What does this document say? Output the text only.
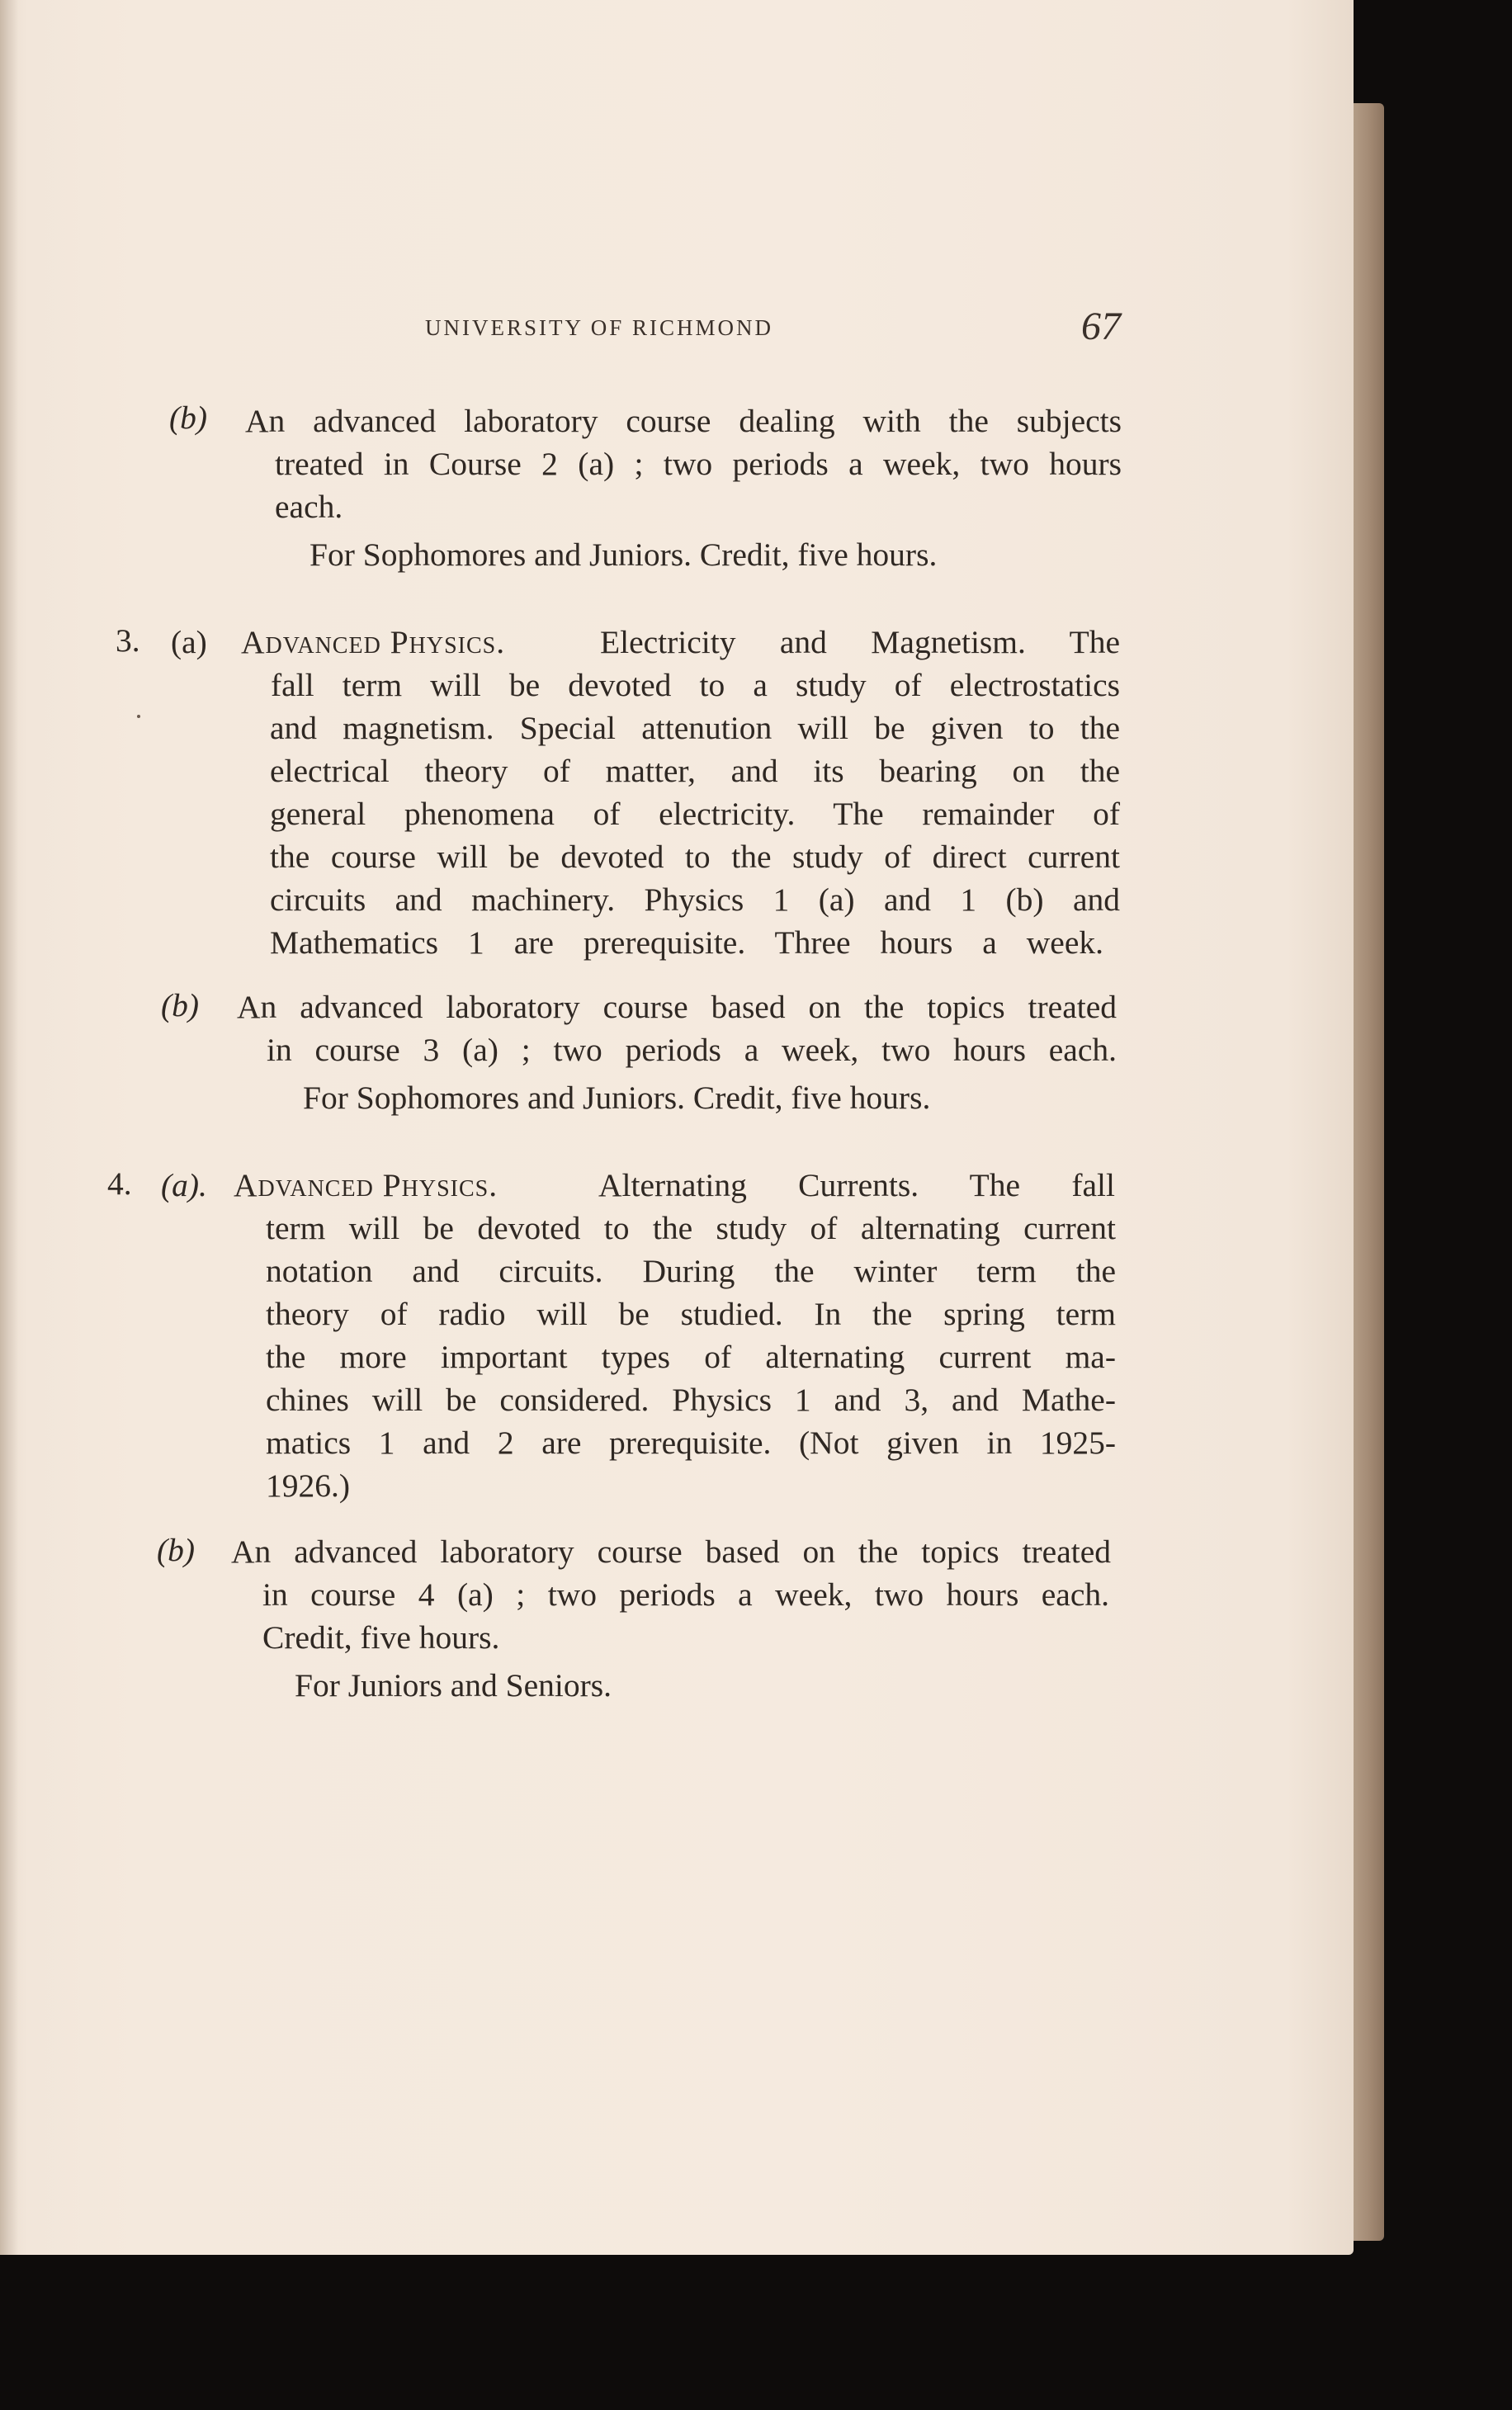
UNIVERSITY OF RICHMOND	67
(b) An advanced laboratory course dealing with the subjects
treated in Course 2 (a) ; two periods a week, two hours
each.
For Sophomores and Juniors. Credit, five hours.
3. (a) Advanced Physics.	Electricity and Magnetism. The
fall term will be devoted to a study of electrostatics
and magnetism. Special attenution will be given to the
electrical theory of matter, and its bearing on the
general phenomena of electricity. The remainder of
the course will be devoted to the study of direct current
circuits and machinery. Physics 1 (a) and 1 (b) and
Mathematics 1 are prerequisite. Three hours a week.
(b) An advanced laboratory course based on the topics treated
in course 3 (a) ; two periods a week, two hours each.
For Sophomores and Juniors. Credit, five hours.
4. (a). Advanced Physics.	Alternating Currents. The fall
term will be devoted to the study of alternating current
notation and circuits. During the winter term the
theory of radio will be studied. In the spring term
the more important types of alternating current ma-
chines will be considered. Physics 1 and 3, and Mathe-
matics 1 and 2 are prerequisite. (Not given in 1925-
1926.)
(b) An advanced laboratory course based on the topics treated
in course 4 (a) ; two periods a week, two hours each.
Credit, five hours.
For Juniors and Seniors.
